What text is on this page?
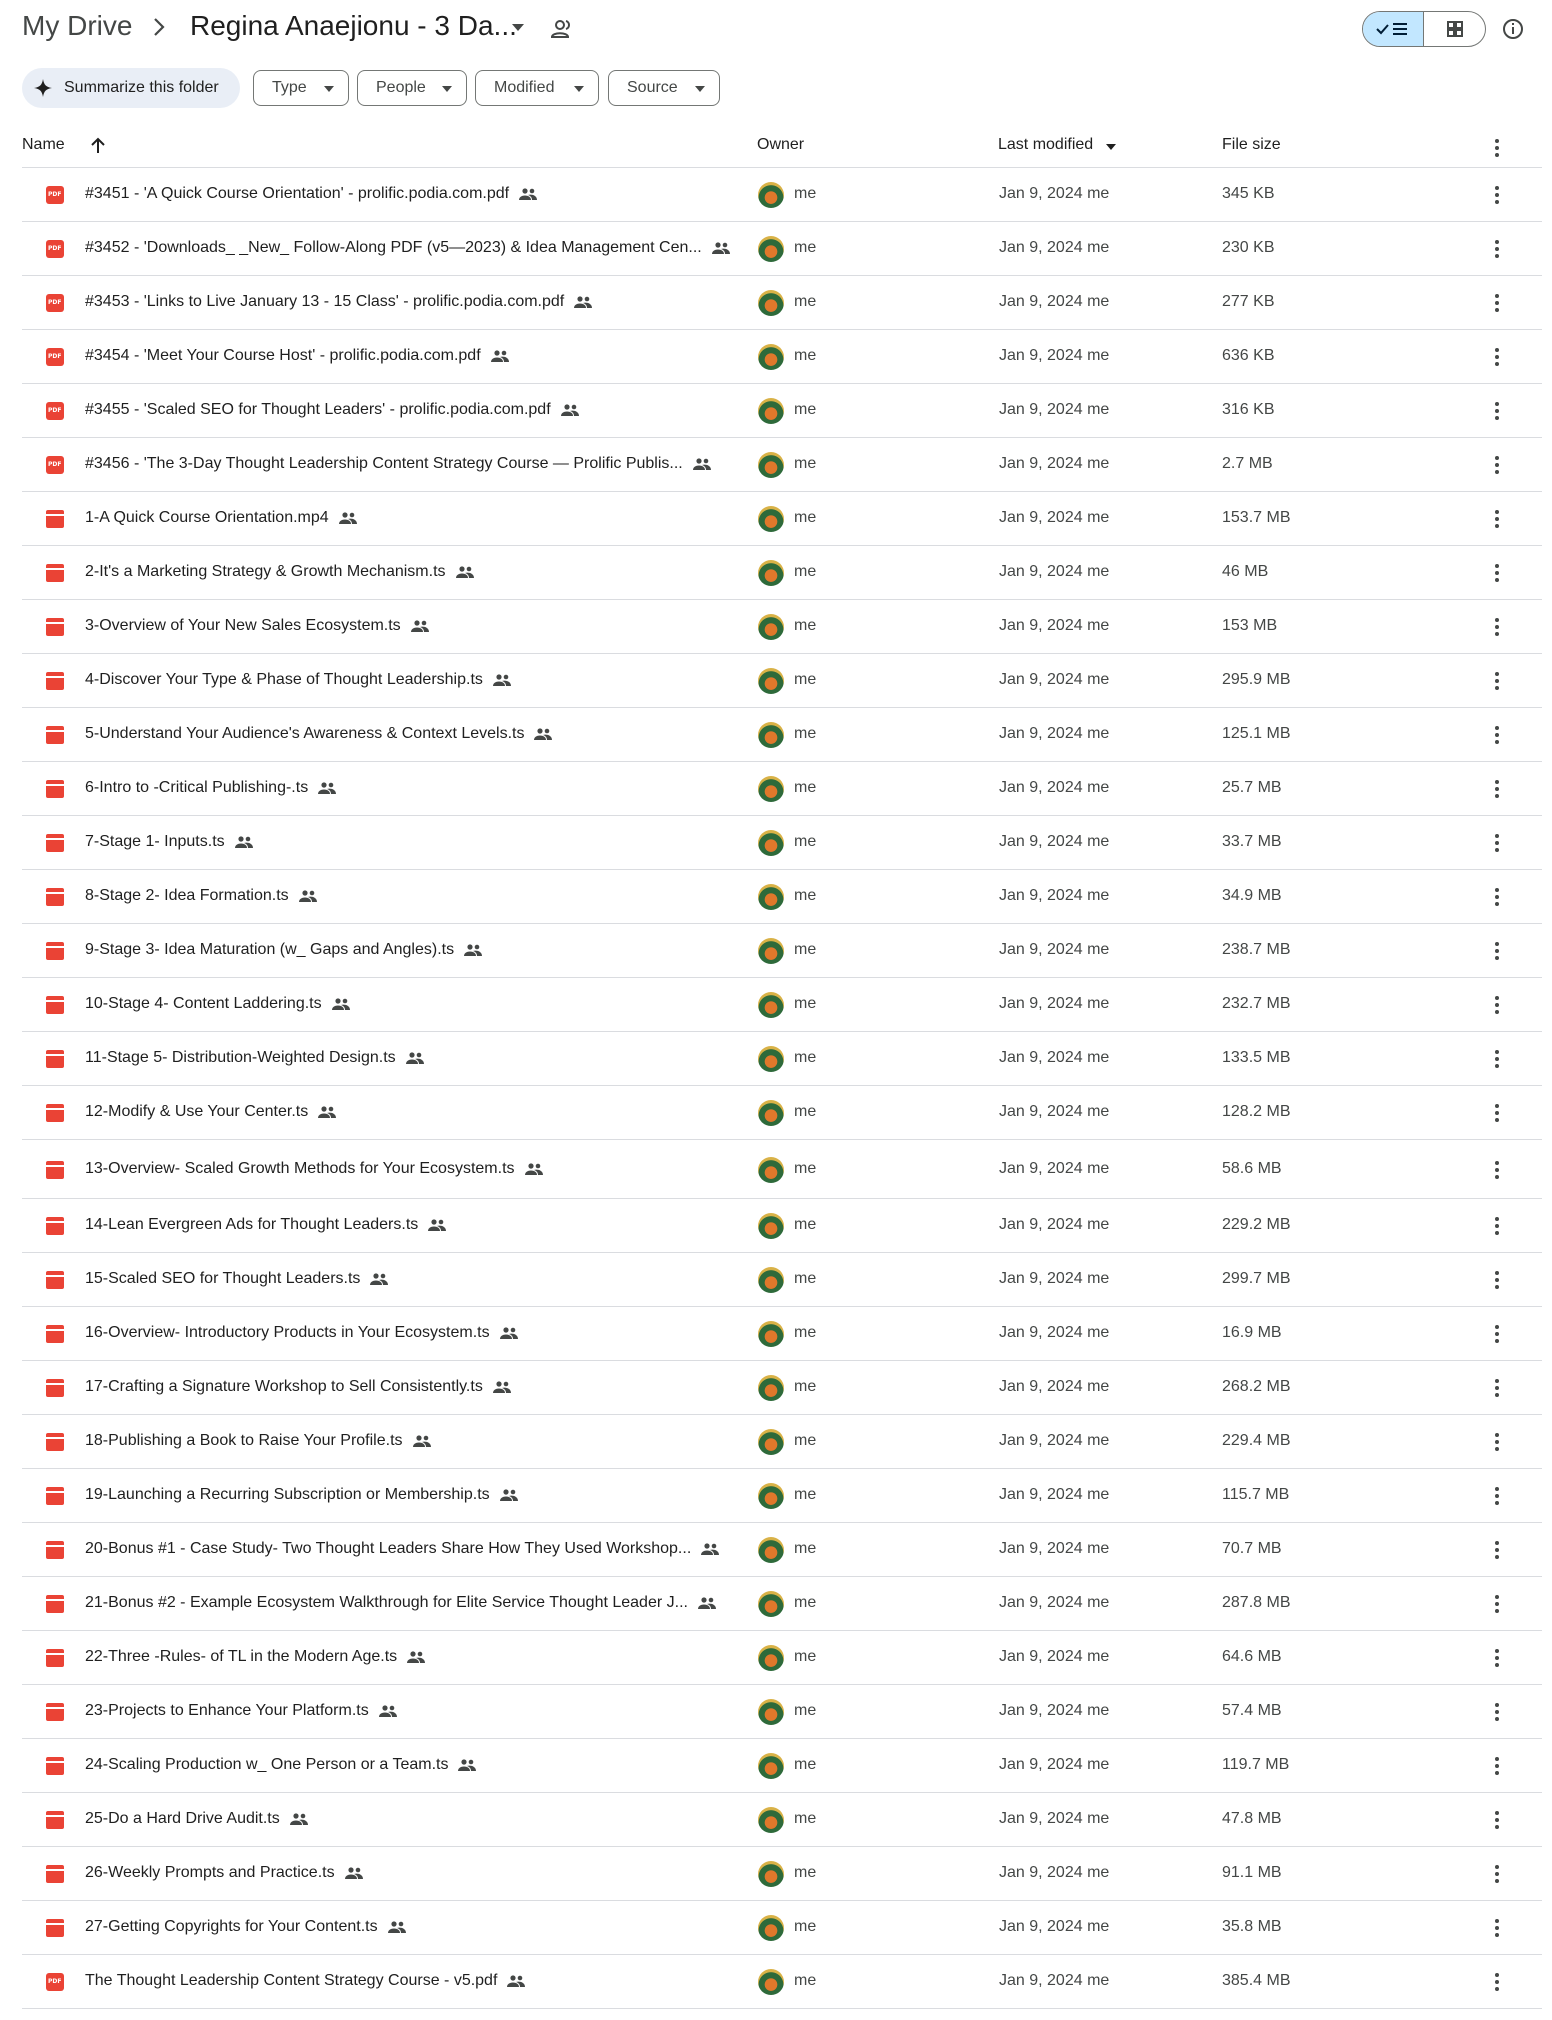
My Drive Regina Anaejionu - 3 Da...
Summarize this folder	Type	People	Modified	Source
Name	Owner	Last modified	File size
PDF
#3451 - 'A Quick Course Orientation' - prolific.podia.com.pdf	me	Jan 9, 2024 me	345 KB
PDF
#3452 - 'Downloads_ _New_ Follow-Along PDF (v5—2023) & Idea Management Cen...	me	Jan 9, 2024 me	230 KB
PDF
#3453 - 'Links to Live January 13 - 15 Class' - prolific.podia.com.pdf	me	Jan 9, 2024 me	277 KB
PDF
#3454 - 'Meet Your Course Host' - prolific.podia.com.pdf	me	Jan 9, 2024 me	636 KB
PDF
#3455 - 'Scaled SEO for Thought Leaders' - prolific.podia.com.pdf	me	Jan 9, 2024 me	316 KB
PDF
#3456 - 'The 3-Day Thought Leadership Content Strategy Course — Prolific Publis...	me	Jan 9, 2024 me	2.7 MB
1-A Quick Course Orientation.mp4	me	Jan 9, 2024 me	153.7 MB
2-It's a Marketing Strategy & Growth Mechanism.ts	me	Jan 9, 2024 me	46 MB
3-Overview of Your New Sales Ecosystem.ts	me	Jan 9, 2024 me	153 MB
4-Discover Your Type & Phase of Thought Leadership.ts	me	Jan 9, 2024 me	295.9 MB
5-Understand Your Audience's Awareness & Context Levels.ts	me	Jan 9, 2024 me	125.1 MB
6-Intro to -Critical Publishing-.ts	me	Jan 9, 2024 me	25.7 MB
7-Stage 1- Inputs.ts	me	Jan 9, 2024 me	33.7 MB
8-Stage 2- Idea Formation.ts	me	Jan 9, 2024 me	34.9 MB
9-Stage 3- Idea Maturation (w_ Gaps and Angles).ts	me	Jan 9, 2024 me	238.7 MB
10-Stage 4- Content Laddering.ts	me	Jan 9, 2024 me	232.7 MB
11-Stage 5- Distribution-Weighted Design.ts	me	Jan 9, 2024 me	133.5 MB
12-Modify & Use Your Center.ts	me	Jan 9, 2024 me	128.2 MB
13-Overview- Scaled Growth Methods for Your Ecosystem.ts	me	Jan 9, 2024 me	58.6 MB
14-Lean Evergreen Ads for Thought Leaders.ts	me	Jan 9, 2024 me	229.2 MB
15-Scaled SEO for Thought Leaders.ts	me	Jan 9, 2024 me	299.7 MB
16-Overview- Introductory Products in Your Ecosystem.ts	me	Jan 9, 2024 me	16.9 MB
17-Crafting a Signature Workshop to Sell Consistently.ts	me	Jan 9, 2024 me	268.2 MB
18-Publishing a Book to Raise Your Profile.ts	me	Jan 9, 2024 me	229.4 MB
19-Launching a Recurring Subscription or Membership.ts	me	Jan 9, 2024 me	115.7 MB
20-Bonus #1 - Case Study- Two Thought Leaders Share How They Used Workshop...	me	Jan 9, 2024 me	70.7 MB
21-Bonus #2 - Example Ecosystem Walkthrough for Elite Service Thought Leader J...	me	Jan 9, 2024 me	287.8 MB
22-Three -Rules- of TL in the Modern Age.ts	me	Jan 9, 2024 me	64.6 MB
23-Projects to Enhance Your Platform.ts	me	Jan 9, 2024 me	57.4 MB
24-Scaling Production w_ One Person or a Team.ts	me	Jan 9, 2024 me	119.7 MB
25-Do a Hard Drive Audit.ts	me	Jan 9, 2024 me	47.8 MB
26-Weekly Prompts and Practice.ts	me	Jan 9, 2024 me	91.1 MB
27-Getting Copyrights for Your Content.ts	me	Jan 9, 2024 me	35.8 MB
PDF
The Thought Leadership Content Strategy Course - v5.pdf	me	Jan 9, 2024 me	385.4 MB
